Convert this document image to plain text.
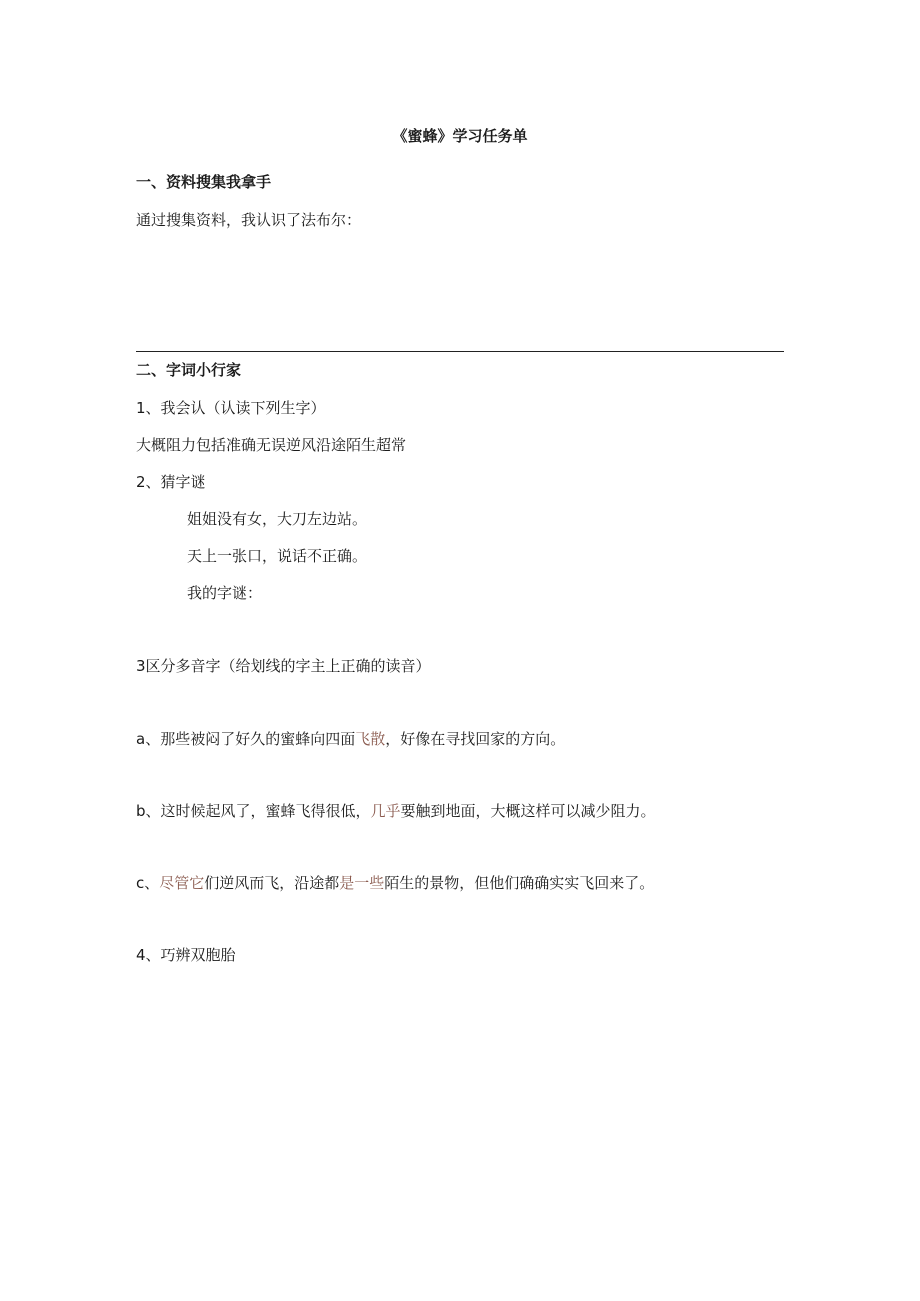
《蜜蜂》学习任务单
一、资料搜集我拿手
通过搜集资料，我认识了法布尔：
二、字词小行家
1、我会认（认读下列生字）
大概阻力包括准确无误逆风沿途陌生超常
2、猜字谜
姐姐没有女，大刀左边站。
天上一张口，说话不正确。
我的字谜：
3区分多音字（给划线的字主上正确的读音）
a、那些被闷了好久的蜜蜂向四面飞散，好像在寻找回家的方向。
b、这时候起风了，蜜蜂飞得很低，几乎要触到地面，大概这样可以减少阻力。
c、尽管它们逆风而飞，沿途都是一些陌生的景物，但他们确确实实飞回来了。
4、巧辨双胞胎
